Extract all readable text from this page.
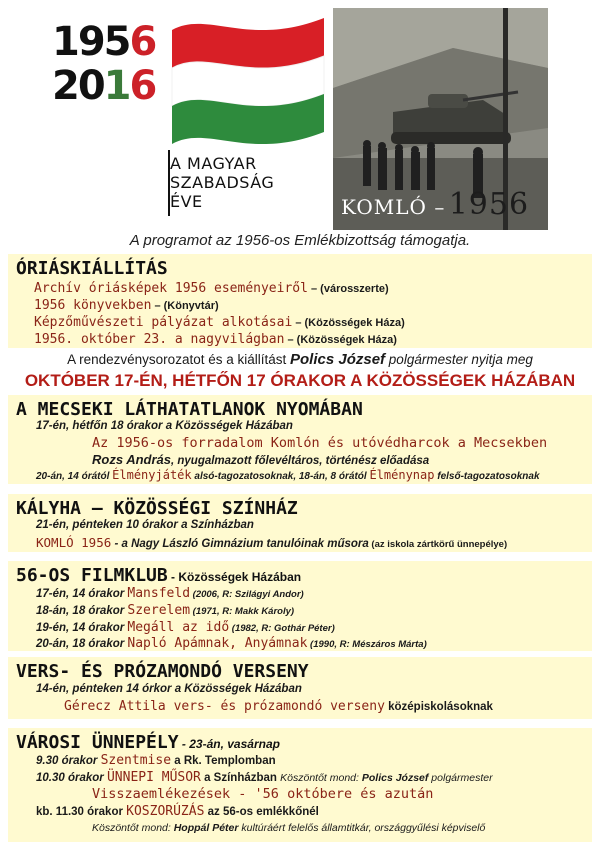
1956
2016
A MAGYAR
SZABADSÁG
ÉVE	KOMLÓ – 1956
A programot az 1956-os Emlékbizottság támogatja.
ÓRIÁSKIÁLLÍTÁS
Archív óriásképek 1956 eseményeiről – (városszerte)
1956 könyvekben – (Könyvtár)
Képzőművészeti pályázat alkotásai – (Közösségek Háza)
1956. október 23. a nagyvilágban – (Közösségek Háza)
A rendezvénysorozatot és a kiállítást Polics József polgármester nyitja meg
OKTÓBER 17-ÉN, HÉTFŐN 17 ÓRAKOR A KÖZÖSSÉGEK HÁZÁBAN
A MECSEKI LÁTHATATLANOK NYOMÁBAN
17-én, hétfőn 18 órakor a Közösségek Házában
Az 1956-os forradalom Komlón és utóvédharcok a Mecsekben
Rozs András, nyugalmazott főlevéltáros, történész előadása
20-án, 14 órától Élményjáték alsó-tagozatosoknak, 18-án, 8 órától Élménynap felső-tagozatosoknak
KÁLYHA – KÖZÖSSÉGI SZÍNHÁZ
21-én, pénteken 10 órakor a Színházban
KOMLÓ 1956 - a Nagy László Gimnázium tanulóinak műsora (az iskola zártkörű ünnepélye)
56-OS FILMKLUB - Közösségek Házában
17-én, 14 órakor Mansfeld (2006, R: Szilágyi Andor)
18-án, 18 órakor Szerelem (1971, R: Makk Károly)
19-én, 14 órakor Megáll az idő (1982, R: Gothár Péter)
20-án, 18 órakor Napló Apámnak, Anyámnak (1990, R: Mészáros Márta)
VERS- ÉS PRÓZAMONDÓ VERSENY
14-én, pénteken 14 órkor a Közösségek Házában
Gérecz Attila vers- és prózamondó verseny középiskolásoknak
VÁROSI ÜNNEPÉLY - 23-án, vasárnap
9.30 órakor Szentmise a Rk. Templomban
10.30 órakor ÜNNEPI MŰSOR a Színházban Köszöntőt mond: Polics József polgármester
Visszaemlékezések - '56 októbere és azután
kb. 11.30 órakor KOSZORÚZÁS az 56-os emlékkőnél
Köszöntőt mond: Hoppál Péter kultúráért felelős államtitkár, országgyűlési képviselő
